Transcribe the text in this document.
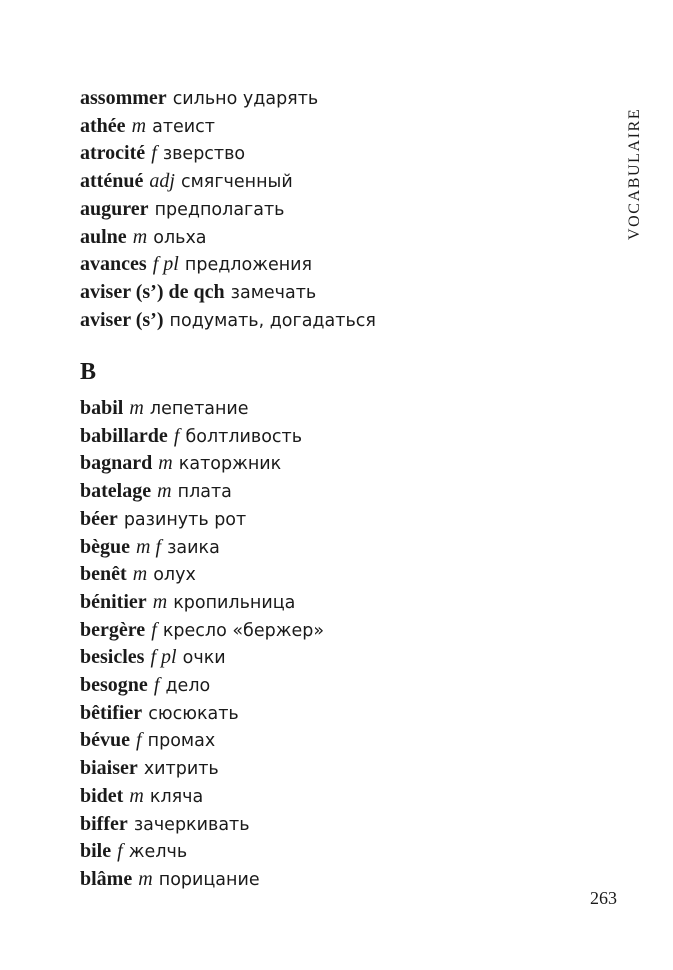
VOCABULAIRE
assommer сильно ударять
athée m атеист
atrocité f зверство
atténué adj смягченный
augurer предполагать
aulne m ольха
avances f pl предложения
aviser (s’) de qch замечать
aviser (s’) подумать, догадаться
B
babil m лепетание
babillarde f болтливость
bagnard m каторжник
batelage m плата
béer разинуть рот
bègue m f заика
benêt m олух
bénitier m кропильница
bergère f кресло «бержер»
besicles f pl очки
besogne f дело
bêtifier сюсюкать
bévue f промах
biaiser хитрить
bidet m кляча
biffer зачеркивать
bile f желчь
blâme m порицание
263
